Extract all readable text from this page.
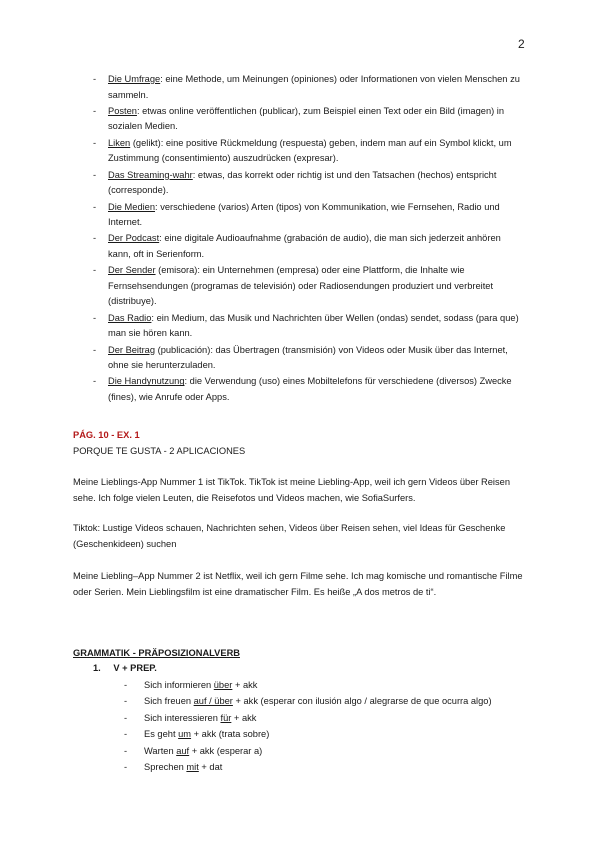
2
- Die Umfrage: eine Methode, um Meinungen (opiniones) oder Informationen von vielen Menschen zu sammeln.
- Posten: etwas online veröffentlichen (publicar), zum Beispiel einen Text oder ein Bild (imagen) in sozialen Medien.
- Liken (gelikt): eine positive Rückmeldung (respuesta) geben, indem man auf ein Symbol klickt, um Zustimmung (consentimiento) auszudrücken (expresar).
- Das Streaming-wahr: etwas, das korrekt oder richtig ist und den Tatsachen (hechos) entspricht (corresponde).
- Die Medien: verschiedene (varios) Arten (tipos) von Kommunikation, wie Fernsehen, Radio und Internet.
- Der Podcast: eine digitale Audioaufnahme (grabación de audio), die man sich jederzeit anhören kann, oft in Serienform.
- Der Sender (emisora): ein Unternehmen (empresa) oder eine Plattform, die Inhalte wie Fernsehsendungen (programas de televisión) oder Radiosendungen produziert und verbreitet (distribuye).
- Das Radio: ein Medium, das Musik und Nachrichten über Wellen (ondas) sendet, sodass (para que) man sie hören kann.
- Der Beitrag (publicación): das Übertragen (transmisión) von Videos oder Musik über das Internet, ohne sie herunterzuladen.
- Die Handynutzung: die Verwendung (uso) eines Mobiltelefons für verschiedene (diversos) Zwecke (fines), wie Anrufe oder Apps.
PÁG. 10 - EX. 1
PORQUE TE GUSTA - 2 APLICACIONES

Meine Lieblings-App Nummer 1 ist TikTok. TikTok ist meine Liebling-App, weil ich gern Videos über Reisen sehe. Ich folge vielen Leuten, die Reisefotos und Videos machen, wie SofiaSurfers.

Tiktok: Lustige Videos schauen, Nachrichten sehen, Videos über Reisen sehen, viel Ideas für Geschenke (Geschenkideen) suchen

Meine Liebling–App Nummer 2 ist Netflix, weil ich gern Filme sehe. Ich mag komische und romantische Filme oder Serien. Mein Lieblingsfilm ist eine dramatischer Film. Es heiße „A dos metros de ti“.

GRAMMATIK - PRÄPOSIZIONALVERB
1. V + PREP.
- Sich informieren über + akk
- Sich freuen auf / über + akk (esperar con ilusión algo / alegrarse de que ocurra algo)
- Sich interessieren für + akk
- Es geht um + akk (trata sobre)
- Warten auf + akk (esperar a)
- Sprechen mit + dat
